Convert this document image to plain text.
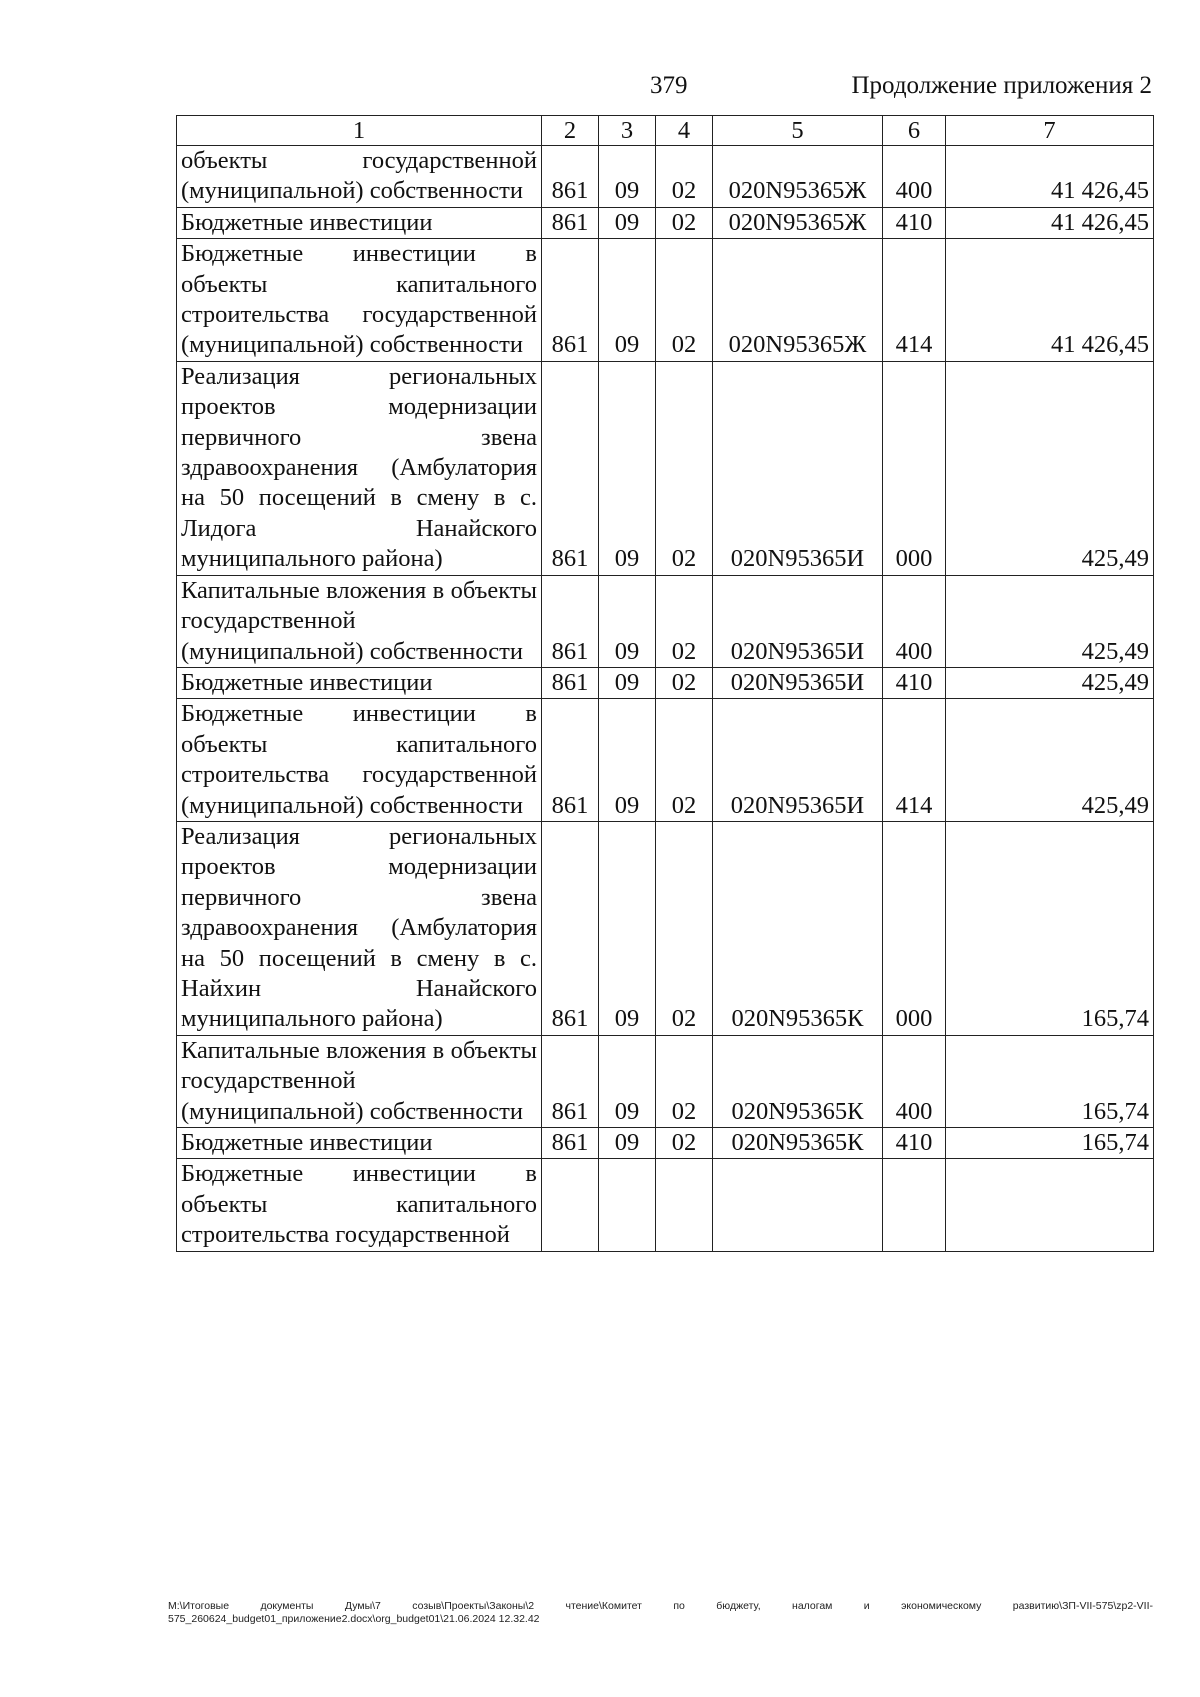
379	Продолжение приложения 2
1	2	3	4	5	6	7
объекты государственной (муниципальной) собственности	861	09	02	020N95365Ж	400	41 426,45
Бюджетные инвестиции	861	09	02	020N95365Ж	410	41 426,45
Бюджетные инвестиции в объекты капитального строительства государственной (муниципальной) собственности	861	09	02	020N95365Ж	414	41 426,45
Реализация региональных проектов модернизации первичного звена здравоохранения (Амбулатория на 50 посещений в смену в с. Лидога Нанайского муниципального района)	861	09	02	020N95365И	000	425,49
Капитальные вложения в объекты государственной (муниципальной) собственности	861	09	02	020N95365И	400	425,49
Бюджетные инвестиции	861	09	02	020N95365И	410	425,49
Бюджетные инвестиции в объекты капитального строительства государственной (муниципальной) собственности	861	09	02	020N95365И	414	425,49
Реализация региональных проектов модернизации первичного звена здравоохранения (Амбулатория на 50 посещений в смену в с. Найхин Нанайского муниципального района)	861	09	02	020N95365К	000	165,74
Капитальные вложения в объекты государственной (муниципальной) собственности	861	09	02	020N95365К	400	165,74
Бюджетные инвестиции	861	09	02	020N95365К	410	165,74
Бюджетные инвестиции в объекты капитального строительства государственной						
M:\Итоговые документы Думы\7 созыв\Проекты\Законы\2 чтение\Комитет по бюджету, налогам и экономическому развитию\ЗП-VII-575\zp2-VII-575_260624_budget01_приложение2.docx\org_budget01\21.06.2024 12.32.42
